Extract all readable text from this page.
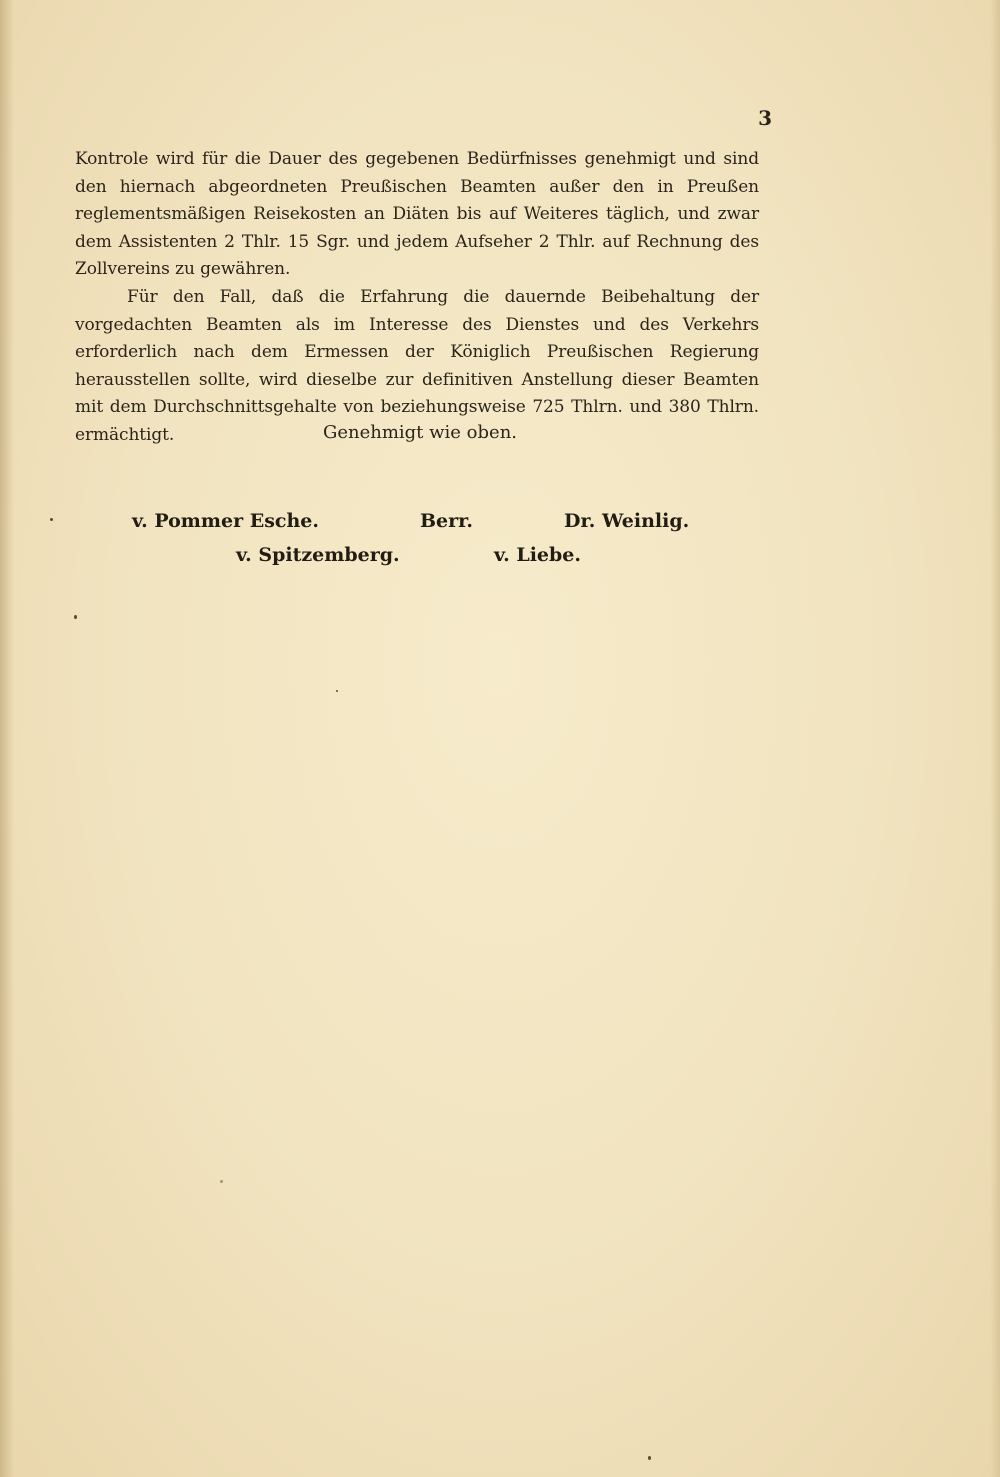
3

Kontrole wird für die Dauer des gegebenen Bedürfnisses genehmigt und sind den hiernach abgeordneten Preußischen Beamten außer den in Preußen reglementsmäßigen Reisekosten an Diäten bis auf Weiteres täglich, und zwar dem Assistenten 2 Thlr. 15 Sgr. und jedem Aufseher 2 Thlr. auf Rechnung des Zollvereins zu gewähren.

Für den Fall, daß die Erfahrung die dauernde Beibehaltung der vorgedachten Beamten als im Interesse des Dienstes und des Verkehrs erforderlich nach dem Ermessen der Königlich Preußischen Regierung herausstellen sollte, wird dieselbe zur definitiven Anstellung dieser Beamten mit dem Durchschnittsgehalte von beziehungsweise 725 Thlrn. und 380 Thlrn. ermächtigt.	Genehmigt wie oben.
v. Pommer Esche.	Berr.	Dr. Weinlig.
v. Spitzemberg.	v. Liebe.
